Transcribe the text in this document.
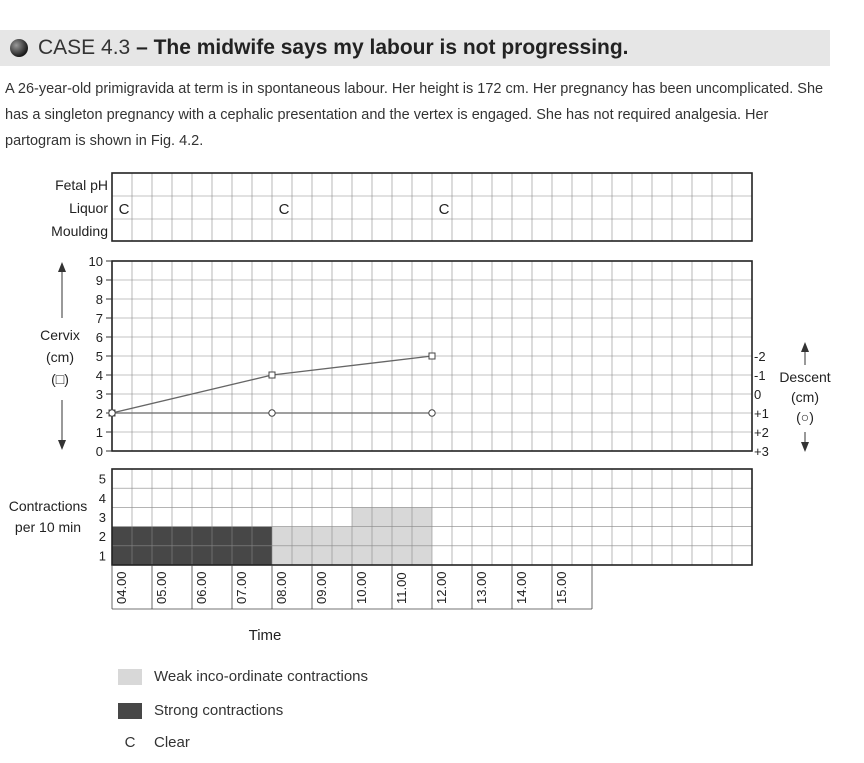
CASE 4.3 – The midwife says my labour is not progressing.
A 26-year-old primigravida at term is in spontaneous labour. Her height is 172 cm. Her pregnancy has been uncomplicated. She has a singleton pregnancy with a cephalic presentation and the vertex is engaged. She has not required analgesia. Her partogram is shown in Fig. 4.2.
Fetal pH
Liquor
Moulding
C	C	C
0
1
2
3
4
5
6
7
8
9
10
Cervix
(cm)
(□)
-2
-1
0
+1
+2
+3
Descent
(cm)
(○)
1
2
3
4
5
Contractions
per 10 min
04.00 05.00 06.00 07.00 08.00 09.00 10.00 11.00 12.00 13.00 14.00 15.00
Time
Weak inco-ordinate contractions
Strong contractions
C	Clear
